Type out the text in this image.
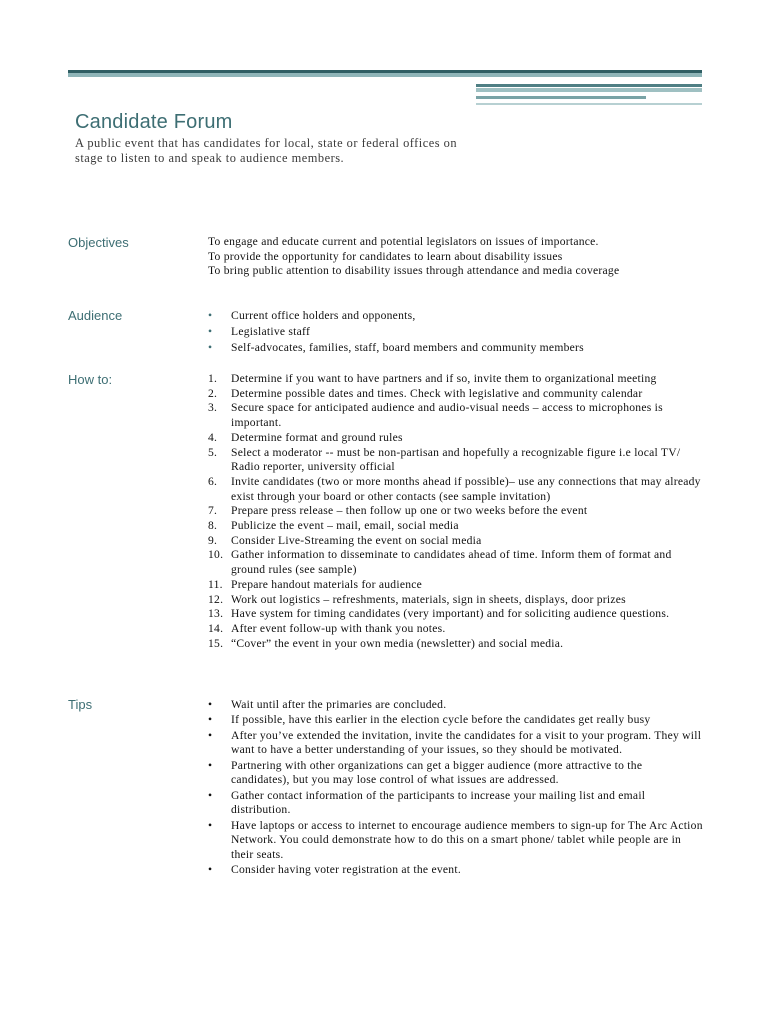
Candidate Forum

A public event that has candidates for local, state or federal offices on stage to listen to and speak to audience members.

Objectives	To engage and educate current and potential legislators on issues of importance.
To provide the opportunity for candidates to learn about disability issues
To bring public attention to disability issues through attendance and media coverage
Audience	• Current office holders and opponents,
• Legislative staff
• Self-advocates, families, staff, board members and community members
How to:	1. Determine if you want to have partners and if so, invite them to organizational meeting
2. Determine possible dates and times. Check with legislative and community calendar
3. Secure space for anticipated audience and audio-visual needs – access to microphones is important.
4. Determine format and ground rules
5. Select a moderator -- must be non-partisan and hopefully a recognizable figure i.e local TV/ Radio reporter, university official
6. Invite candidates (two or more months ahead if possible)– use any connections that may already exist through your board or other contacts (see sample invitation)
7. Prepare press release – then follow up one or two weeks before the event
8. Publicize the event – mail, email, social media
9. Consider Live-Streaming the event on social media
10. Gather information to disseminate to candidates ahead of time. Inform them of format and ground rules (see sample)
11. Prepare handout materials for audience
12. Work out logistics – refreshments, materials, sign in sheets, displays, door prizes
13. Have system for timing candidates (very important) and for soliciting audience questions.
14. After event follow-up with thank you notes.
15. “Cover” the event in your own media (newsletter) and social media.
Tips	• Wait until after the primaries are concluded.
• If possible, have this earlier in the election cycle before the candidates get really busy
• After you’ve extended the invitation, invite the candidates for a visit to your program. They will want to have a better understanding of your issues, so they should be motivated.
• Partnering with other organizations can get a bigger audience (more attractive to the candidates), but you may lose control of what issues are addressed.
• Gather contact information of the participants to increase your mailing list and email distribution.
• Have laptops or access to internet to encourage audience members to sign-up for The Arc Action Network. You could demonstrate how to do this on a smart phone/ tablet while people are in their seats.
• Consider having voter registration at the event.
